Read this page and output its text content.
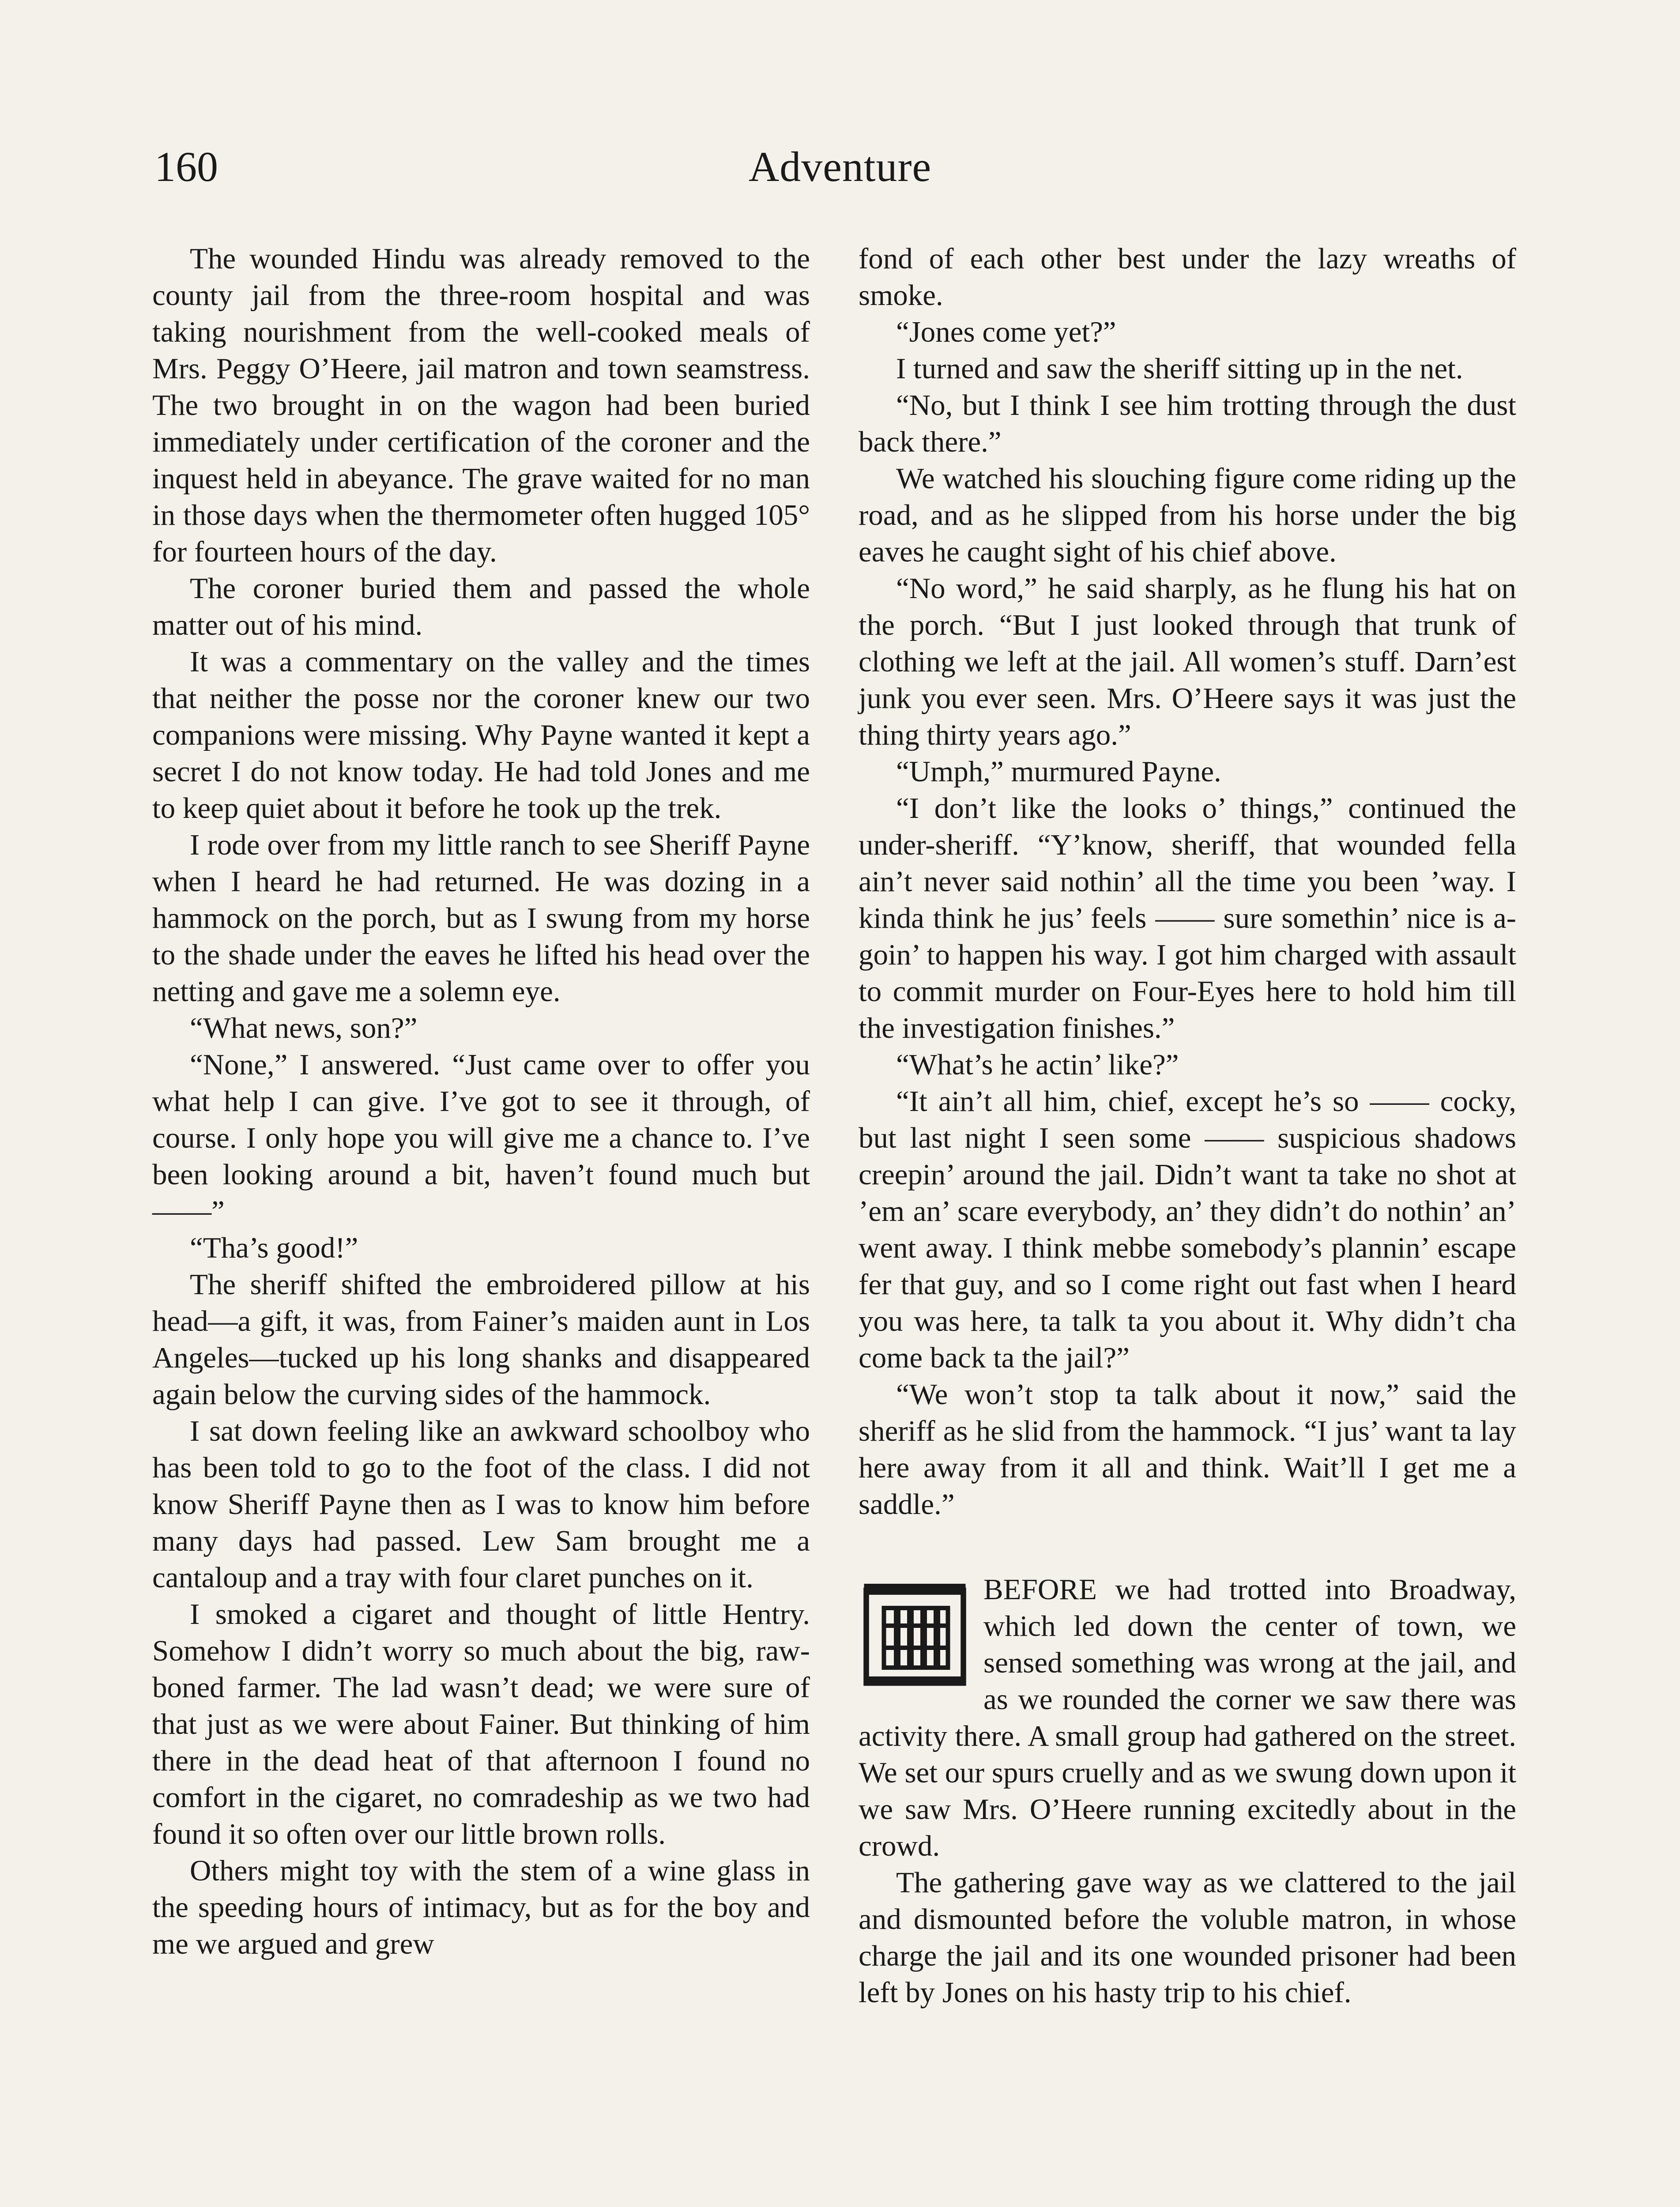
160	Adventure

The wounded Hindu was already removed to the county jail from the three-room hospital and was taking nourishment from the well-cooked meals of Mrs. Peggy O’Heere, jail matron and town seamstress. The two brought in on the wagon had been buried immediately under certification of the coroner and the inquest held in abeyance. The grave waited for no man in those days when the thermometer often hugged 105° for fourteen hours of the day.

The coroner buried them and passed the whole matter out of his mind.

It was a commentary on the valley and the times that neither the posse nor the coroner knew our two companions were missing. Why Payne wanted it kept a secret I do not know today. He had told Jones and me to keep quiet about it before he took up the trek.

I rode over from my little ranch to see Sheriff Payne when I heard he had returned. He was dozing in a hammock on the porch, but as I swung from my horse to the shade under the eaves he lifted his head over the netting and gave me a solemn eye.

“What news, son?”

“None,” I answered. “Just came over to offer you what help I can give. I’ve got to see it through, of course. I only hope you will give me a chance to. I’ve been looking around a bit, haven’t found much but——”

“Tha’s good!”

The sheriff shifted the embroidered pillow at his head—a gift, it was, from Fainer’s maiden aunt in Los Angeles—tucked up his long shanks and disappeared again below the curving sides of the hammock.

I sat down feeling like an awkward schoolboy who has been told to go to the foot of the class. I did not know Sheriff Payne then as I was to know him before many days had passed. Lew Sam brought me a cantaloup and a tray with four claret punches on it.

I smoked a cigaret and thought of little Hentry. Somehow I didn’t worry so much about the big, raw-boned farmer. The lad wasn’t dead; we were sure of that just as we were about Fainer. But thinking of him there in the dead heat of that afternoon I found no comfort in the cigaret, no comradeship as we two had found it so often over our little brown rolls.

Others might toy with the stem of a wine glass in the speeding hours of intimacy, but as for the boy and me we argued and grew

fond of each other best under the lazy wreaths of smoke.

“Jones come yet?”

I turned and saw the sheriff sitting up in the net.

“No, but I think I see him trotting through the dust back there.”

We watched his slouching figure come riding up the road, and as he slipped from his horse under the big eaves he caught sight of his chief above.

“No word,” he said sharply, as he flung his hat on the porch. “But I just looked through that trunk of clothing we left at the jail. All women’s stuff. Darn’est junk you ever seen. Mrs. O’Heere says it was just the thing thirty years ago.”

“Umph,” murmured Payne.

“I don’t like the looks o’ things,” continued the under-sheriff. “Y’know, sheriff, that wounded fella ain’t never said nothin’ all the time you been ’way. I kinda think he jus’ feels —— sure somethin’ nice is a-goin’ to happen his way. I got him charged with assault to commit murder on Four-Eyes here to hold him till the investigation finishes.”

“What’s he actin’ like?”

“It ain’t all him, chief, except he’s so —— cocky, but last night I seen some —— suspicious shadows creepin’ around the jail. Didn’t want ta take no shot at ’em an’ scare everybody, an’ they didn’t do nothin’ an’ went away. I think mebbe somebody’s plannin’ escape fer that guy, and so I come right out fast when I heard you was here, ta talk ta you about it. Why didn’t cha come back ta the jail?”

“We won’t stop ta talk about it now,” said the sheriff as he slid from the hammock. “I jus’ want ta lay here away from it all and think. Wait’ll I get me a saddle.”

BEFORE we had trotted into Broadway, which led down the center of town, we sensed something was wrong at the jail, and as we rounded the corner we saw there was activity there. A small group had gathered on the street. We set our spurs cruelly and as we swung down upon it we saw Mrs. O’Heere running excitedly about in the crowd.

The gathering gave way as we clattered to the jail and dismounted before the voluble matron, in whose charge the jail and its one wounded prisoner had been left by Jones on his hasty trip to his chief.
